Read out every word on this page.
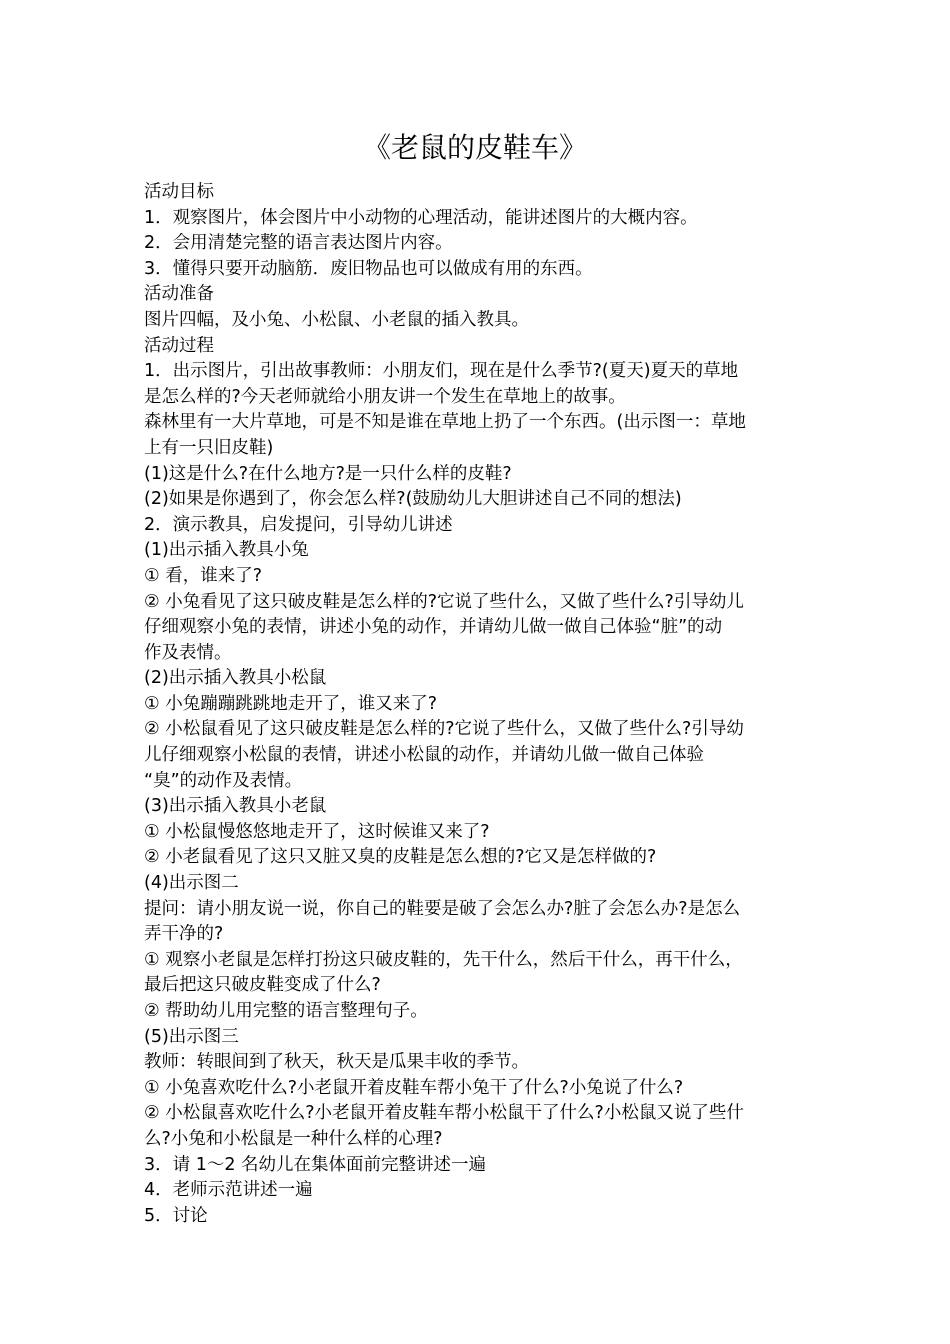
《老鼠的皮鞋车》

活动目标

1．观察图片，体会图片中小动物的心理活动，能讲述图片的大概内容。

2．会用清楚完整的语言表达图片内容。

3．懂得只要开动脑筋．废旧物品也可以做成有用的东西。

活动准备

图片四幅，及小兔、小松鼠、小老鼠的插入教具。

活动过程

1．出示图片，引出故事教师：小朋友们，现在是什么季节?(夏天)夏天的草地

是怎么样的?今天老师就给小朋友讲一个发生在草地上的故事。

森林里有一大片草地，可是不知是谁在草地上扔了一个东西。(出示图一：草地

上有一只旧皮鞋)

(1)这是什么?在什么地方?是一只什么样的皮鞋?

(2)如果是你遇到了，你会怎么样?(鼓励幼儿大胆讲述自己不同的想法)

2．演示教具，启发提问，引导幼儿讲述

(1)出示插入教具小兔

① 看，谁来了?

② 小兔看见了这只破皮鞋是怎么样的?它说了些什么，又做了些什么?引导幼儿

仔细观察小兔的表情，讲述小兔的动作，并请幼儿做一做自己体验“脏”的动

作及表情。

(2)出示插入教具小松鼠

① 小兔蹦蹦跳跳地走开了，谁又来了?

② 小松鼠看见了这只破皮鞋是怎么样的?它说了些什么，又做了些什么?引导幼

儿仔细观察小松鼠的表情，讲述小松鼠的动作，并请幼儿做一做自己体验

“臭”的动作及表情。

(3)出示插入教具小老鼠

① 小松鼠慢悠悠地走开了，这时候谁又来了?

② 小老鼠看见了这只又脏又臭的皮鞋是怎么想的?它又是怎样做的?

(4)出示图二

提问：请小朋友说一说，你自己的鞋要是破了会怎么办?脏了会怎么办?是怎么

弄干净的?

① 观察小老鼠是怎样打扮这只破皮鞋的，先干什么，然后干什么，再干什么，

最后把这只破皮鞋变成了什么?

② 帮助幼儿用完整的语言整理句子。

(5)出示图三

教师：转眼间到了秋天，秋天是瓜果丰收的季节。

① 小兔喜欢吃什么?小老鼠开着皮鞋车帮小兔干了什么?小兔说了什么?

② 小松鼠喜欢吃什么?小老鼠开着皮鞋车帮小松鼠干了什么?小松鼠又说了些什

么?小兔和小松鼠是一种什么样的心理?

3．请 1～2 名幼儿在集体面前完整讲述一遍

4．老师示范讲述一遍

5．讨论
